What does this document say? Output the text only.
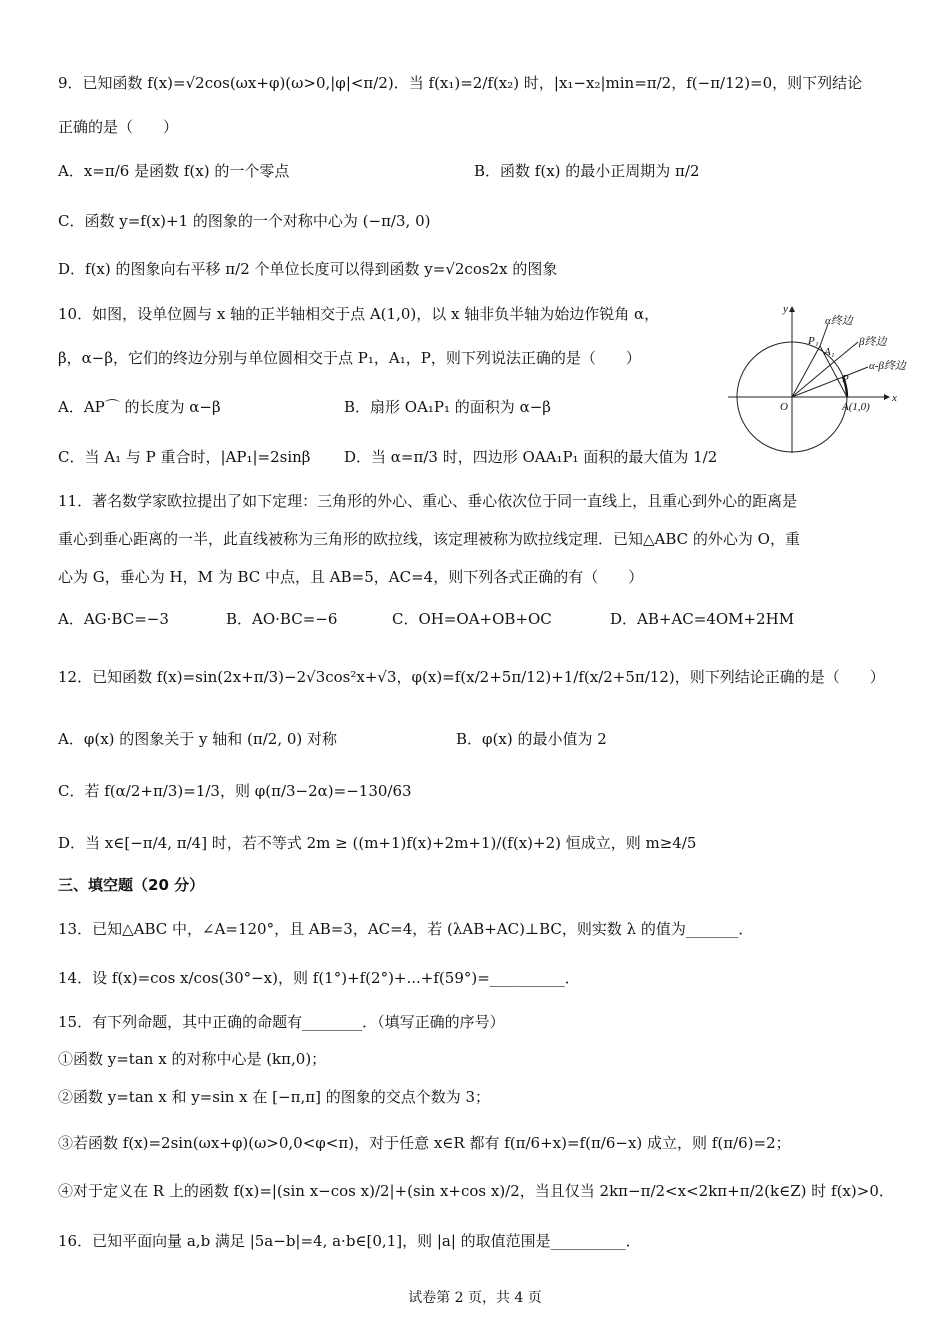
9．已知函数 f(x)=√2cos(ωx+φ)(ω>0,|φ|<π/2)．当 f(x₁)=2/f(x₂) 时，|x₁−x₂|min=π/2，f(−π/12)=0，则下列结论
正确的是（　　）
A．x=π/6 是函数 f(x) 的一个零点	B．函数 f(x) 的最小正周期为 π/2
C．函数 y=f(x)+1 的图象的一个对称中心为 (−π/3, 0)
D．f(x) 的图象向右平移 π/2 个单位长度可以得到函数 y=√2cos2x 的图象
10．如图，设单位圆与 x 轴的正半轴相交于点 A(1,0)，以 x 轴非负半轴为始边作锐角 α，
β，α−β，它们的终边分别与单位圆相交于点 P₁，A₁，P，则下列说法正确的是（　　）
A．AP⌒ 的长度为 α−β	B．扇形 OA₁P₁ 的面积为 α−β
C．当 A₁ 与 P 重合时，|AP₁|=2sinβ D．当 α=π/3 时，四边形 OAA₁P₁ 面积的最大值为 1/2
y
x
O	A(1,0)
P₁
A₁
P
α终边
β终边
α-β终边
11．著名数学家欧拉提出了如下定理：三角形的外心、重心、垂心依次位于同一直线上，且重心到外心的距离是
重心到垂心距离的一半，此直线被称为三角形的欧拉线，该定理被称为欧拉线定理．已知△ABC 的外心为 O，重
心为 G，垂心为 H，M 为 BC 中点，且 AB=5，AC=4，则下列各式正确的有（　　）
A．AG·BC=−3	B．AO·BC=−6	C．OH=OA+OB+OC	D．AB+AC=4OM+2HM
12．已知函数 f(x)=sin(2x+π/3)−2√3cos²x+√3，φ(x)=f(x/2+5π/12)+1/f(x/2+5π/12)，则下列结论正确的是（　　）
A．φ(x) 的图象关于 y 轴和 (π/2, 0) 对称	B．φ(x) 的最小值为 2
C．若 f(α/2+π/3)=1/3，则 φ(π/3−2α)=−130/63
D．当 x∈[−π/4, π/4] 时，若不等式 2m ≥ ((m+1)f(x)+2m+1)/(f(x)+2) 恒成立，则 m≥4/5
三、填空题（20 分）
13．已知△ABC 中，∠A=120°，且 AB=3，AC=4，若 (λAB+AC)⊥BC，则实数 λ 的值为_______．
14．设 f(x)=cos x/cos(30°−x)，则 f(1°)+f(2°)+...+f(59°)=__________．
15．有下列命题，其中正确的命题有________．（填写正确的序号）
①函数 y=tan x 的对称中心是 (kπ,0)；
②函数 y=tan x 和 y=sin x 在 [−π,π] 的图象的交点个数为 3；
③若函数 f(x)=2sin(ωx+φ)(ω>0,0<φ<π)，对于任意 x∈R 都有 f(π/6+x)=f(π/6−x) 成立，则 f(π/6)=2；
④对于定义在 R 上的函数 f(x)=|(sin x−cos x)/2|+(sin x+cos x)/2，当且仅当 2kπ−π/2<x<2kπ+π/2(k∈Z) 时 f(x)>0．
16．已知平面向量 a,b 满足 |5a−b|=4, a·b∈[0,1]，则 |a| 的取值范围是__________．
试卷第 2 页，共 4 页
